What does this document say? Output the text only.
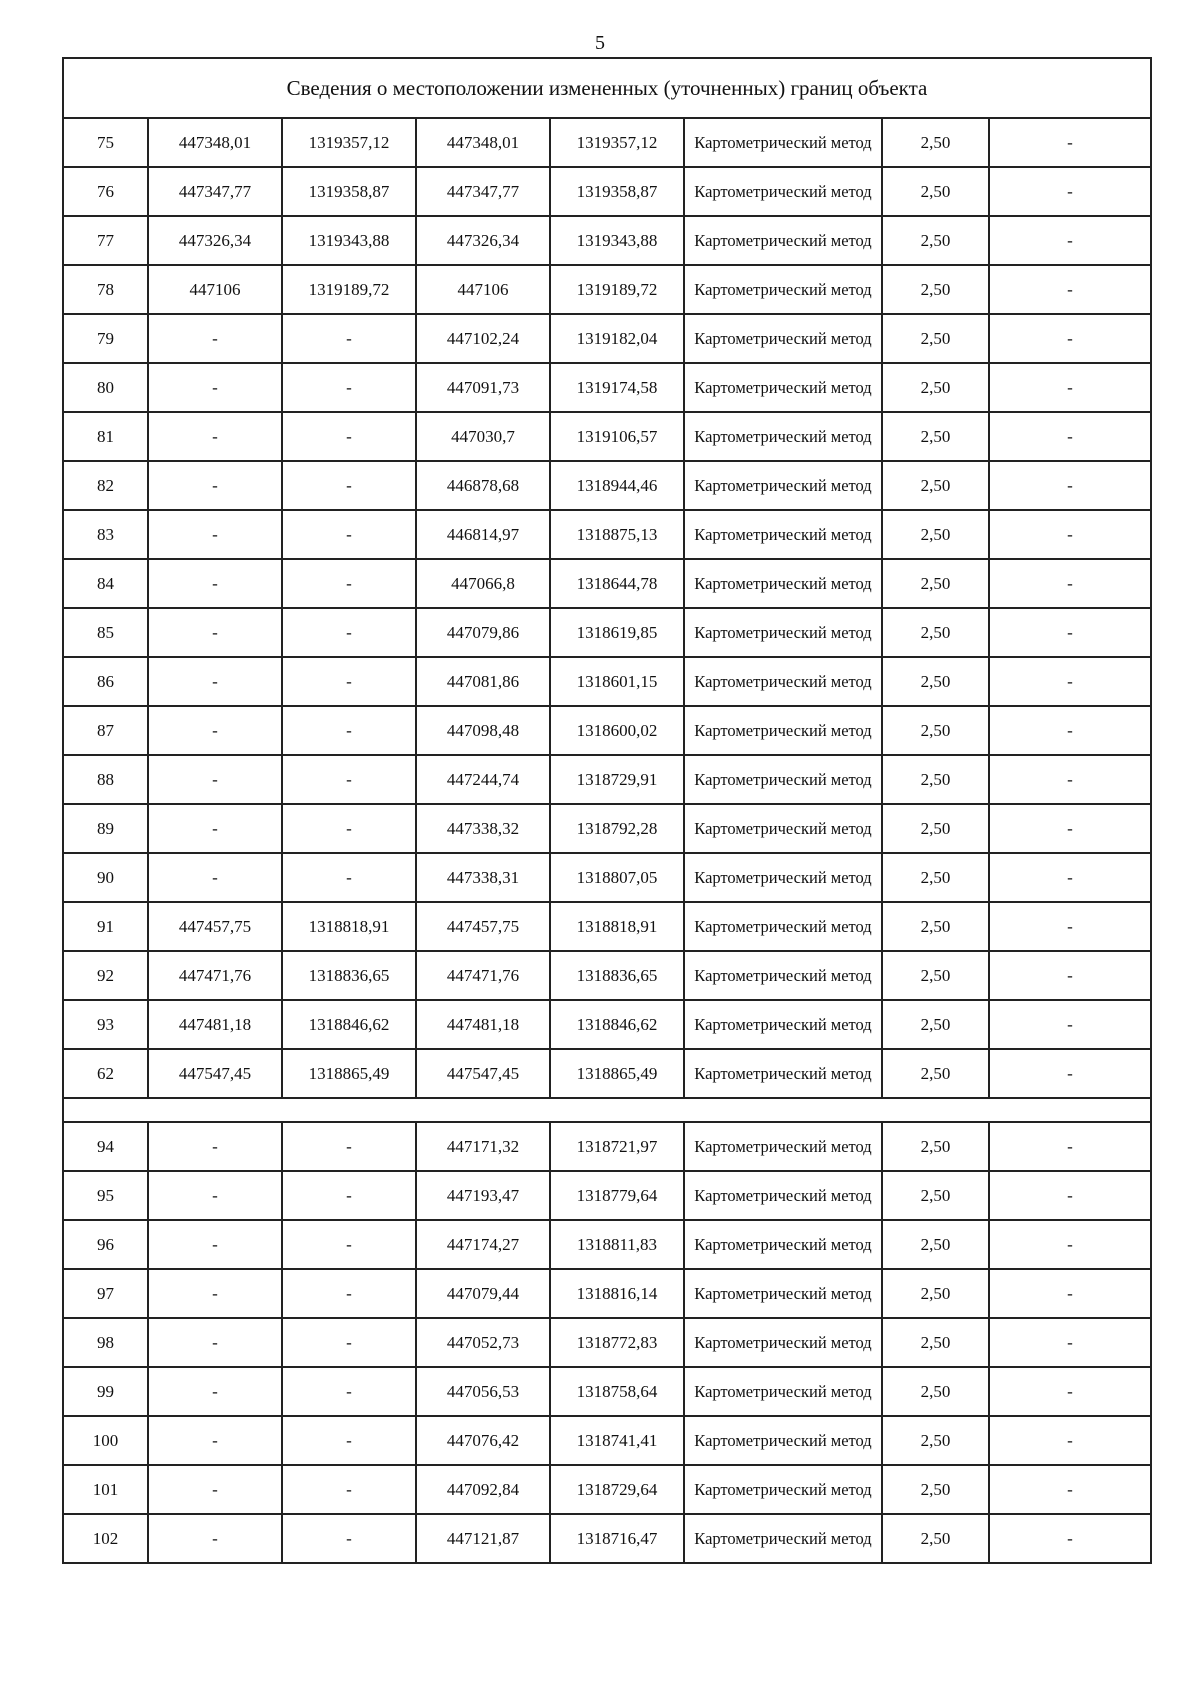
5
Сведения о местоположении измененных (уточненных) границ объекта							
75	447348,01	1319357,12	447348,01	1319357,12	Картометрический метод	2,50	-
76	447347,77	1319358,87	447347,77	1319358,87	Картометрический метод	2,50	-
77	447326,34	1319343,88	447326,34	1319343,88	Картометрический метод	2,50	-
78	447106	1319189,72	447106	1319189,72	Картометрический метод	2,50	-
79	-	-	447102,24	1319182,04	Картометрический метод	2,50	-
80	-	-	447091,73	1319174,58	Картометрический метод	2,50	-
81	-	-	447030,7	1319106,57	Картометрический метод	2,50	-
82	-	-	446878,68	1318944,46	Картометрический метод	2,50	-
83	-	-	446814,97	1318875,13	Картометрический метод	2,50	-
84	-	-	447066,8	1318644,78	Картометрический метод	2,50	-
85	-	-	447079,86	1318619,85	Картометрический метод	2,50	-
86	-	-	447081,86	1318601,15	Картометрический метод	2,50	-
87	-	-	447098,48	1318600,02	Картометрический метод	2,50	-
88	-	-	447244,74	1318729,91	Картометрический метод	2,50	-
89	-	-	447338,32	1318792,28	Картометрический метод	2,50	-
90	-	-	447338,31	1318807,05	Картометрический метод	2,50	-
91	447457,75	1318818,91	447457,75	1318818,91	Картометрический метод	2,50	-
92	447471,76	1318836,65	447471,76	1318836,65	Картометрический метод	2,50	-
93	447481,18	1318846,62	447481,18	1318846,62	Картометрический метод	2,50	-
62	447547,45	1318865,49	447547,45	1318865,49	Картометрический метод	2,50	-

94	-	-	447171,32	1318721,97	Картометрический метод	2,50	-
95	-	-	447193,47	1318779,64	Картометрический метод	2,50	-
96	-	-	447174,27	1318811,83	Картометрический метод	2,50	-
97	-	-	447079,44	1318816,14	Картометрический метод	2,50	-
98	-	-	447052,73	1318772,83	Картометрический метод	2,50	-
99	-	-	447056,53	1318758,64	Картометрический метод	2,50	-
100	-	-	447076,42	1318741,41	Картометрический метод	2,50	-
101	-	-	447092,84	1318729,64	Картометрический метод	2,50	-
102	-	-	447121,87	1318716,47	Картометрический метод	2,50	-
